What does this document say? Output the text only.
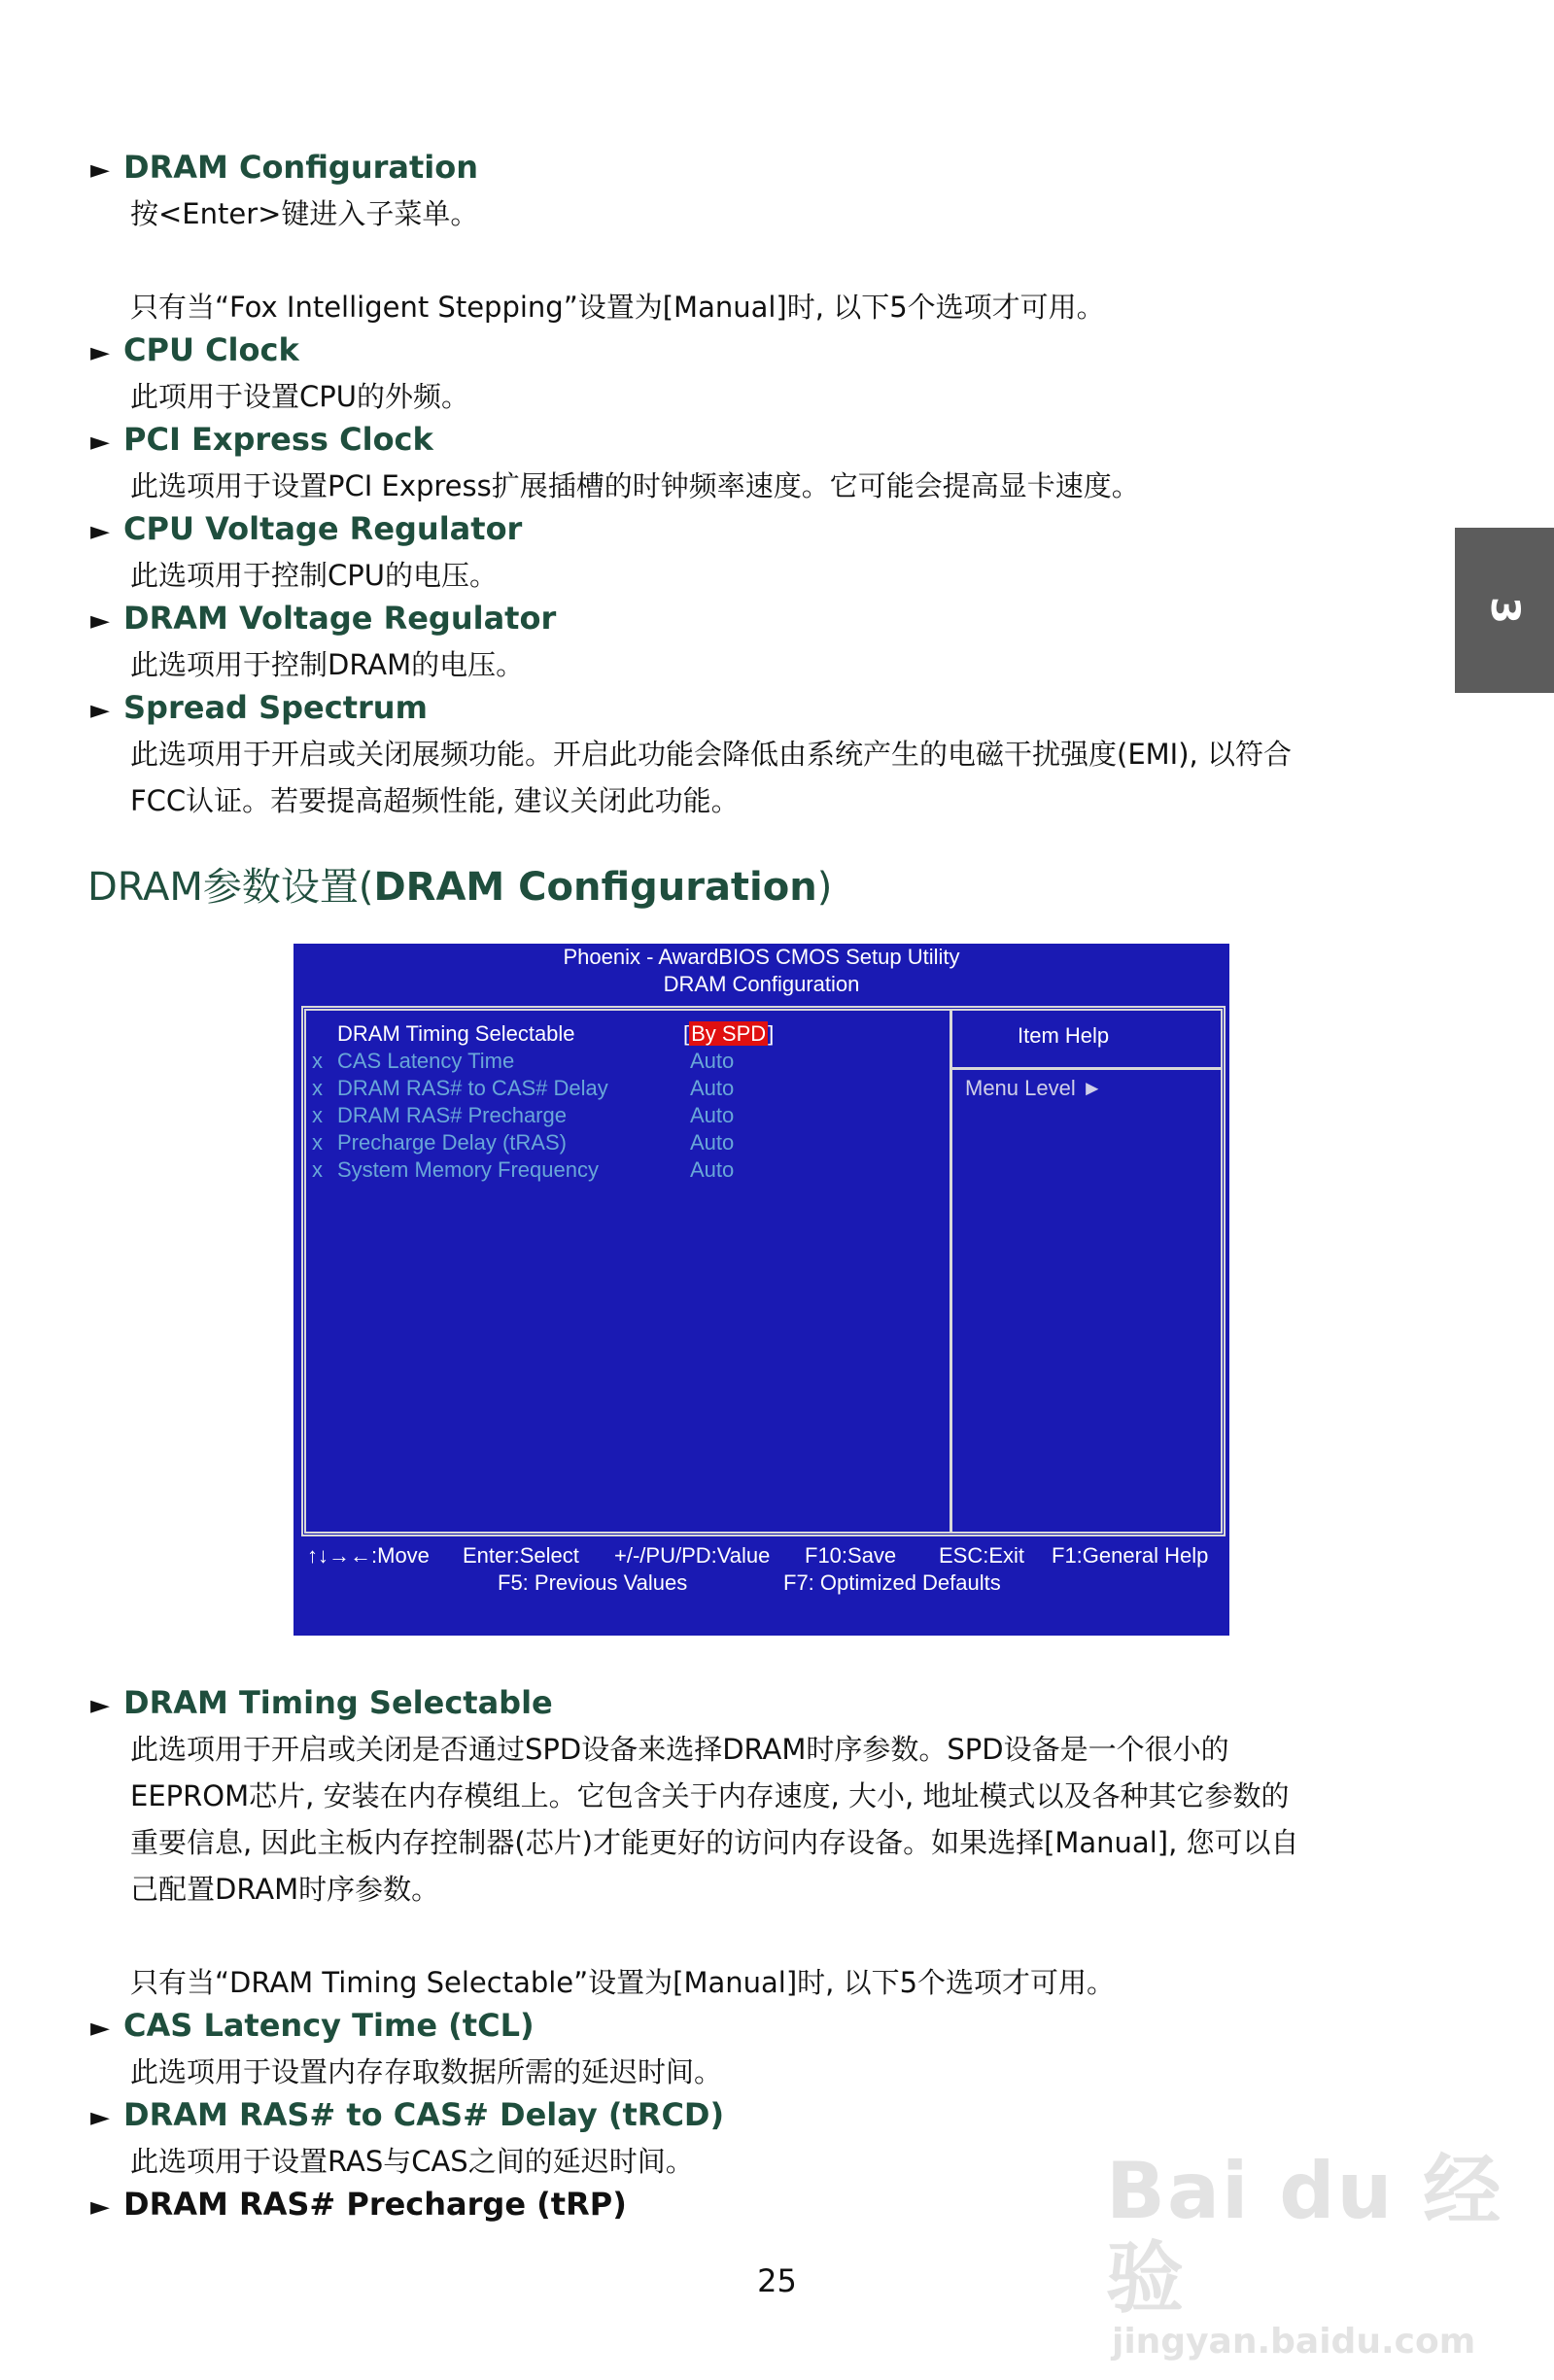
► DRAM Configuration
按<Enter>键进入子菜单。
只有当“Fox Intelligent Stepping”设置为[Manual]时, 以下5个选项才可用。
► CPU Clock
此项用于设置CPU的外频。
► PCI Express Clock
此选项用于设置PCI Express扩展插槽的时钟频率速度。它可能会提高显卡速度。
► CPU Voltage Regulator
此选项用于控制CPU的电压。
► DRAM Voltage Regulator
此选项用于控制DRAM的电压。
► Spread Spectrum
此选项用于开启或关闭展频功能。开启此功能会降低由系统产生的电磁干扰强度(EMI), 以符合
FCC认证。若要提高超频性能, 建议关闭此功能。
DRAM参数设置(DRAM Configuration)
3
Phoenix - AwardBIOS CMOS Setup Utility
DRAM Configuration
DRAM Timing Selectable	[By SPD]
x CAS Latency Time	Auto
x DRAM RAS# to CAS# Delay	Auto
x DRAM RAS# Precharge	Auto
x Precharge Delay (tRAS)	Auto
x System Memory Frequency	Auto
Item Help
Menu Level ►
↑↓→←:Move Enter:Select +/-/PU/PD:Value F10:Save ESC:Exit F1:General Help
F5: Previous Values	F7: Optimized Defaults
► DRAM Timing Selectable
此选项用于开启或关闭是否通过SPD设备来选择DRAM时序参数。SPD设备是一个很小的
EEPROM芯片, 安装在内存模组上。它包含关于内存速度, 大小, 地址模式以及各种其它参数的
重要信息, 因此主板内存控制器(芯片)才能更好的访问内存设备。如果选择[Manual], 您可以自
己配置DRAM时序参数。
只有当“DRAM Timing Selectable”设置为[Manual]时, 以下5个选项才可用。
► CAS Latency Time (tCL)
此选项用于设置内存存取数据所需的延迟时间。
► DRAM RAS# to CAS# Delay (tRCD)
此选项用于设置RAS与CAS之间的延迟时间。
► DRAM RAS# Precharge (tRP)
25
Bai du 经验
jingyan.baidu.com
